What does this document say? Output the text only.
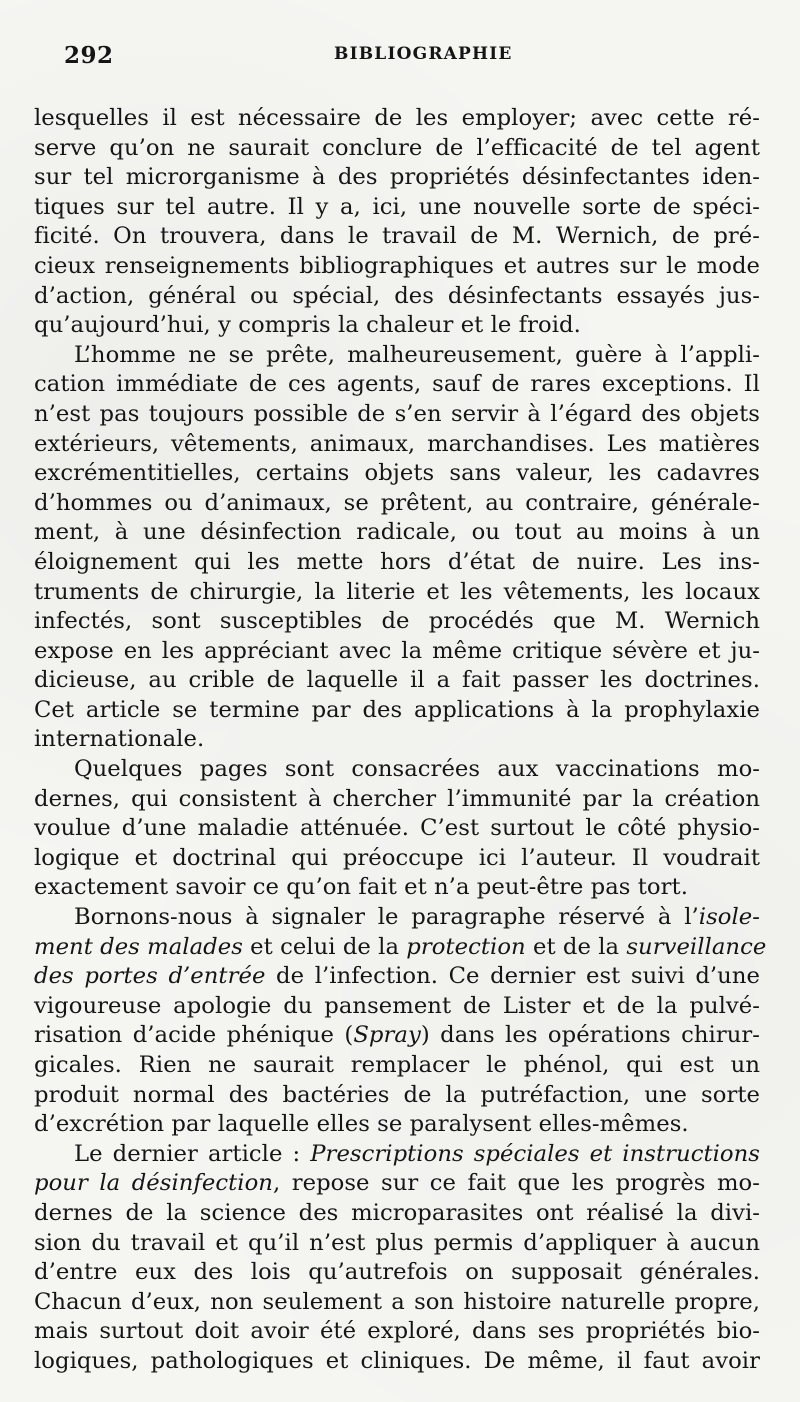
292	BIBLIOGRAPHIE
lesquelles il est nécessaire de les employer; avec cette ré-
serve qu’on ne saurait conclure de l’efficacité de tel agent
sur tel microrganisme à des propriétés désinfectantes iden-
tiques sur tel autre. Il y a, ici, une nouvelle sorte de spéci-
ficité. On trouvera, dans le travail de M. Wernich, de pré-
cieux renseignements bibliographiques et autres sur le mode
d’action, général ou spécial, des désinfectants essayés jus-
qu’aujourd’hui, y compris la chaleur et le froid.
L’homme ne se prête, malheureusement, guère à l’appli-
cation immédiate de ces agents, sauf de rares exceptions. Il
n’est pas toujours possible de s’en servir à l’égard des objets
extérieurs, vêtements, animaux, marchandises. Les matières
excrémentitielles, certains objets sans valeur, les cadavres
d’hommes ou d’animaux, se prêtent, au contraire, générale-
ment, à une désinfection radicale, ou tout au moins à un
éloignement qui les mette hors d’état de nuire. Les ins-
truments de chirurgie, la literie et les vêtements, les locaux
infectés, sont susceptibles de procédés que M. Wernich
expose en les appréciant avec la même critique sévère et ju-
dicieuse, au crible de laquelle il a fait passer les doctrines.
Cet article se termine par des applications à la prophylaxie
internationale.
Quelques pages sont consacrées aux vaccinations mo-
dernes, qui consistent à chercher l’immunité par la création
voulue d’une maladie atténuée. C’est surtout le côté physio-
logique et doctrinal qui préoccupe ici l’auteur. Il voudrait
exactement savoir ce qu’on fait et n’a peut-être pas tort.
Bornons-nous à signaler le paragraphe réservé à l’isole-
ment des malades et celui de la protection et de la surveillance
des portes d’entrée de l’infection. Ce dernier est suivi d’une
vigoureuse apologie du pansement de Lister et de la pulvé-
risation d’acide phénique (Spray) dans les opérations chirur-
gicales. Rien ne saurait remplacer le phénol, qui est un
produit normal des bactéries de la putréfaction, une sorte
d’excrétion par laquelle elles se paralysent elles-mêmes.
Le dernier article : Prescriptions spéciales et instructions
pour la désinfection, repose sur ce fait que les progrès mo-
dernes de la science des microparasites ont réalisé la divi-
sion du travail et qu’il n’est plus permis d’appliquer à aucun
d’entre eux des lois qu’autrefois on supposait générales.
Chacun d’eux, non seulement a son histoire naturelle propre,
mais surtout doit avoir été exploré, dans ses propriétés bio-
logiques, pathologiques et cliniques. De même, il faut avoir
